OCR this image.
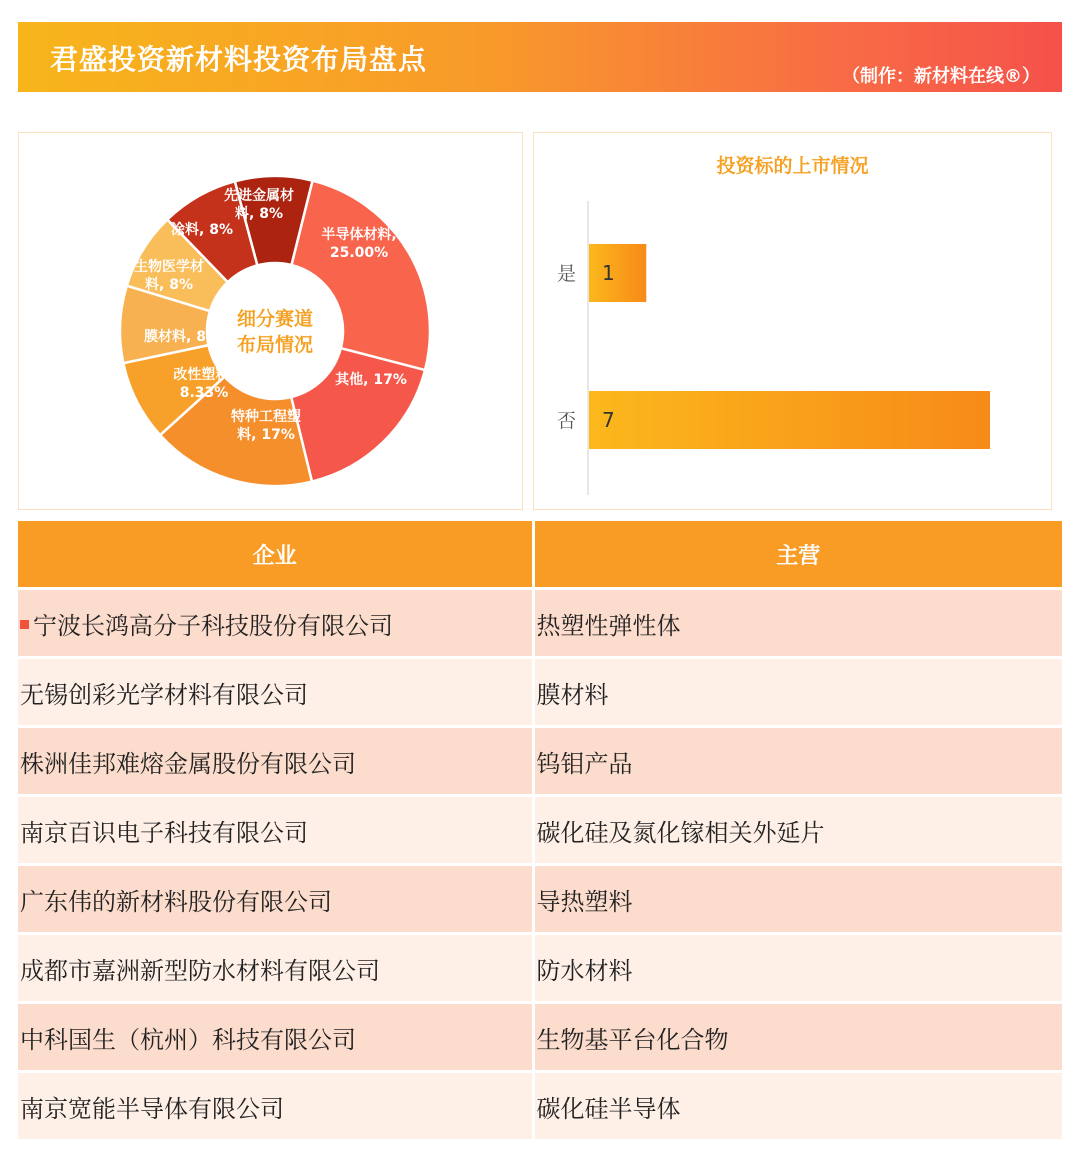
君盛投资新材料投资布局盘点
（制作：新材料在线®）
半导体材料, 25.00%
其他, 17%
特种工程塑料, 17%
改性塑料, 8.33%
膜材料, 8%
生物医学材料, 8%
涂料, 8%
先进金属材料, 8%
细分赛道布局情况
投资标的上市情况
是 1
否 7
企业	主营
宁波长鸿高分子科技股份有限公司	热塑性弹性体
无锡创彩光学材料有限公司	膜材料
株洲佳邦难熔金属股份有限公司	钨钼产品
南京百识电子科技有限公司	碳化硅及氮化镓相关外延片
广东伟的新材料股份有限公司	导热塑料
成都市嘉洲新型防水材料有限公司	防水材料
中科国生（杭州）科技有限公司	生物基平台化合物
南京宽能半导体有限公司	碳化硅半导体
